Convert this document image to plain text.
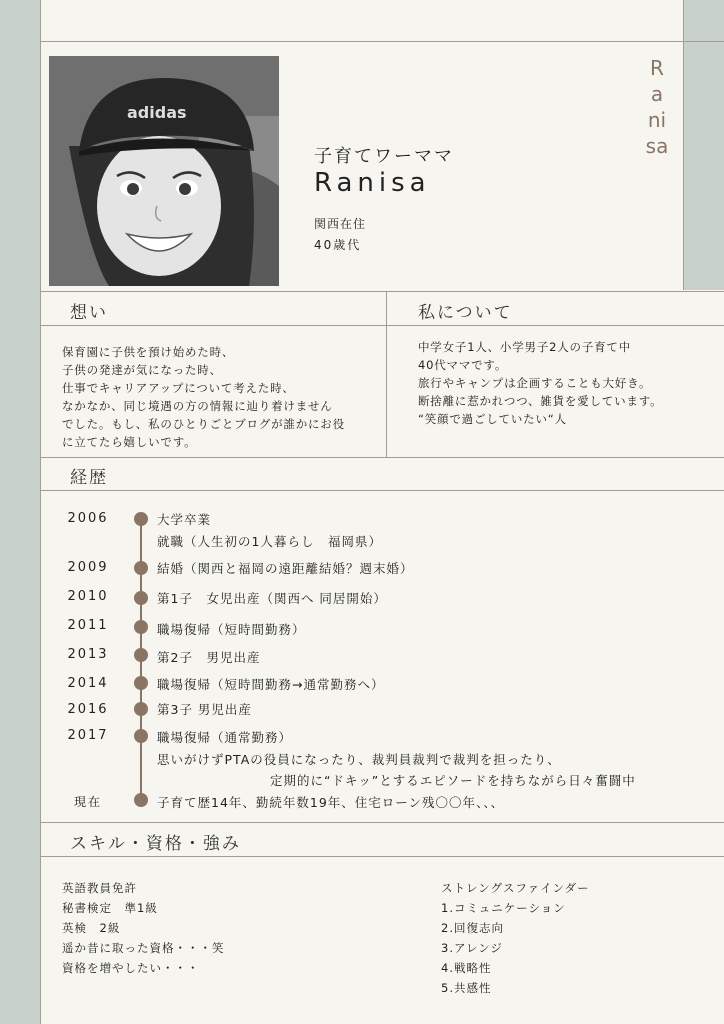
adidas
Ranisa
子育てワーママ
Ranisa
関西在住
40歳代
想い	私について
経歴
スキル・資格・強み
保育園に子供を預け始めた時、
子供の発達が気になった時、
仕事でキャリアアップについて考えた時、
なかなか、同じ境遇の方の情報に辿り着けません
でした。もし、私のひとりごとブログが誰かにお役
に立てたら嬉しいです。
中学女子1人、小学男子2人の子育て中
40代ママです。
旅行やキャンプは企画することも大好き。
断捨離に惹かれつつ、雑貨を愛しています。
“笑顔で過ごしていたい“人
2006	大学卒業
就職（人生初の1人暮らし　福岡県）
2009	結婚（関西と福岡の遠距離結婚？週末婚）
2010	第1子　女児出産（関西へ 同居開始）
2011	職場復帰（短時間勤務）
2013	第2子　男児出産
2014	職場復帰（短時間勤務→通常勤務へ）
2016	第3子 男児出産
2017	職場復帰（通常勤務）
思いがけずPTAの役員になったり、裁判員裁判で裁判を担ったり、
定期的に“ドキッ”とするエピソードを持ちながら日々奮闘中
現在	子育て歴14年、勤続年数19年、住宅ローン残〇〇年、、、
英語教員免許
秘書検定　準1級
英検　2級
遥か昔に取った資格・・・笑
資格を増やしたい・・・
ストレングスファインダー
1.コミュニケーション
2.回復志向
3.アレンジ
4.戦略性
5.共感性
